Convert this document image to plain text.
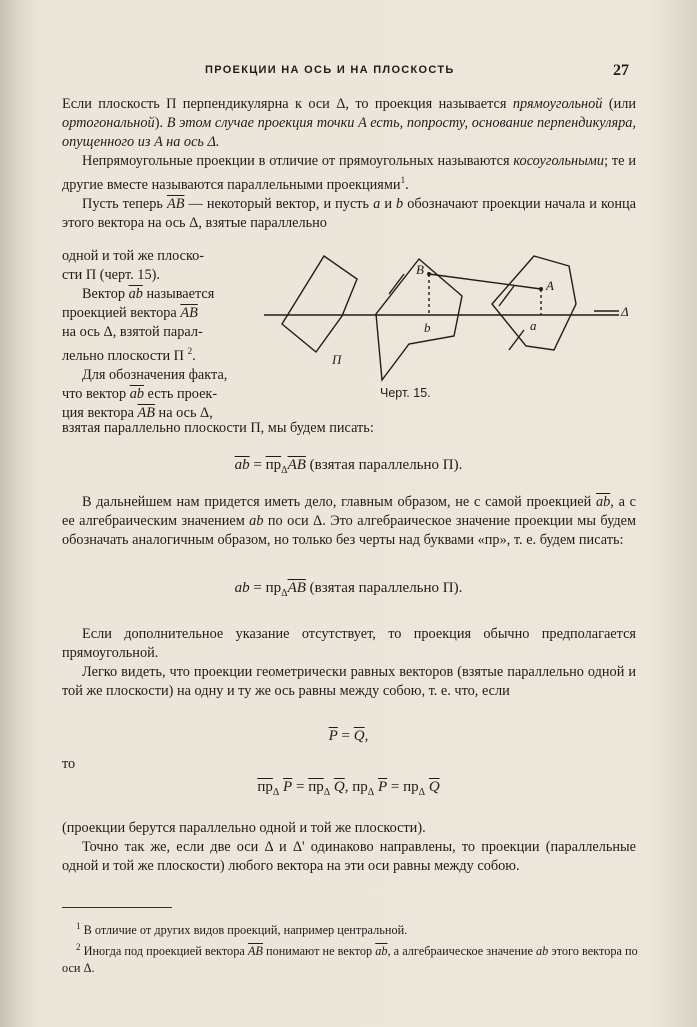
ПРОЕКЦИИ НА ОСЬ И НА ПЛОСКОСТЬ	27

Если плоскость П перпендикулярна к оси Δ, то проекция называется прямоугольной (или ортогональной). В этом случае проекция точки A есть, попросту, основание перпендикуляра, опущенного из A на ось Δ.

Непрямоугольные проекции в отличие от прямоугольных называются косоугольными; те и другие вместе называются параллельными проекциями$^1$.

Пусть теперь $\overline{AB}$ — некоторый вектор, и пусть a и b обозначают проекции начала и конца этого вектора на ось Δ, взятые параллельно

одной и той же плоско-

сти П (черт. 15).

Вектор $\overline{ab}$ называется

проекцией вектора $\overline{AB}$

на ось Δ, взятой парал-

лельно плоскости П $^2$.

Для обозначения факта,

что вектор $\overline{ab}$ есть проек-

ция вектора $\overline{AB}$ на ось Δ,

B
A
b	a
Δ
П
Черт. 15.

взятая параллельно плоскости П, мы будем писать:

$\overline{ab} = пр_\Delta\overline{AB}$ (взятая параллельно П).

В дальнейшем нам придется иметь дело, главным образом, не с самой проекцией $\overline{ab}$, а с ее алгебраическим значением ab по оси Δ. Это алгебраическое значение проекции мы будем обозначать аналогичным образом, но только без черты над буквами «пр», т. е. будем писать:

ab = $пр_\Delta\overline{AB}$ (взятая параллельно П).

Если дополнительное указание отсутствует, то проекция обычно предполагается прямоугольной.

Легко видеть, что проекции геометрически равных векторов (взятые параллельно одной и той же плоскости) на одну и ту же ось равны между собою, т. е. что, если

$\overline{P} = \overline{Q}$,

то

$пр_\Delta$ $\overline{P} = пр_\Delta$ $\overline{Q}$, $пр_\Delta$ $\overline{P} = пр_\Delta$ $\overline{Q}$

(проекции берутся параллельно одной и той же плоскости).

Точно так же, если две оси Δ и Δ' одинаково направлены, то проекции (параллельные одной и той же плоскости) любого вектора на эти оси равны между собою.

$^1$ В отличие от других видов проекций, например центральной.

$^2$ Иногда под проекцией вектора $\overline{AB}$ понимают не вектор $\overline{ab}$, а алгебраическое значение ab этого вектора по оси Δ.
